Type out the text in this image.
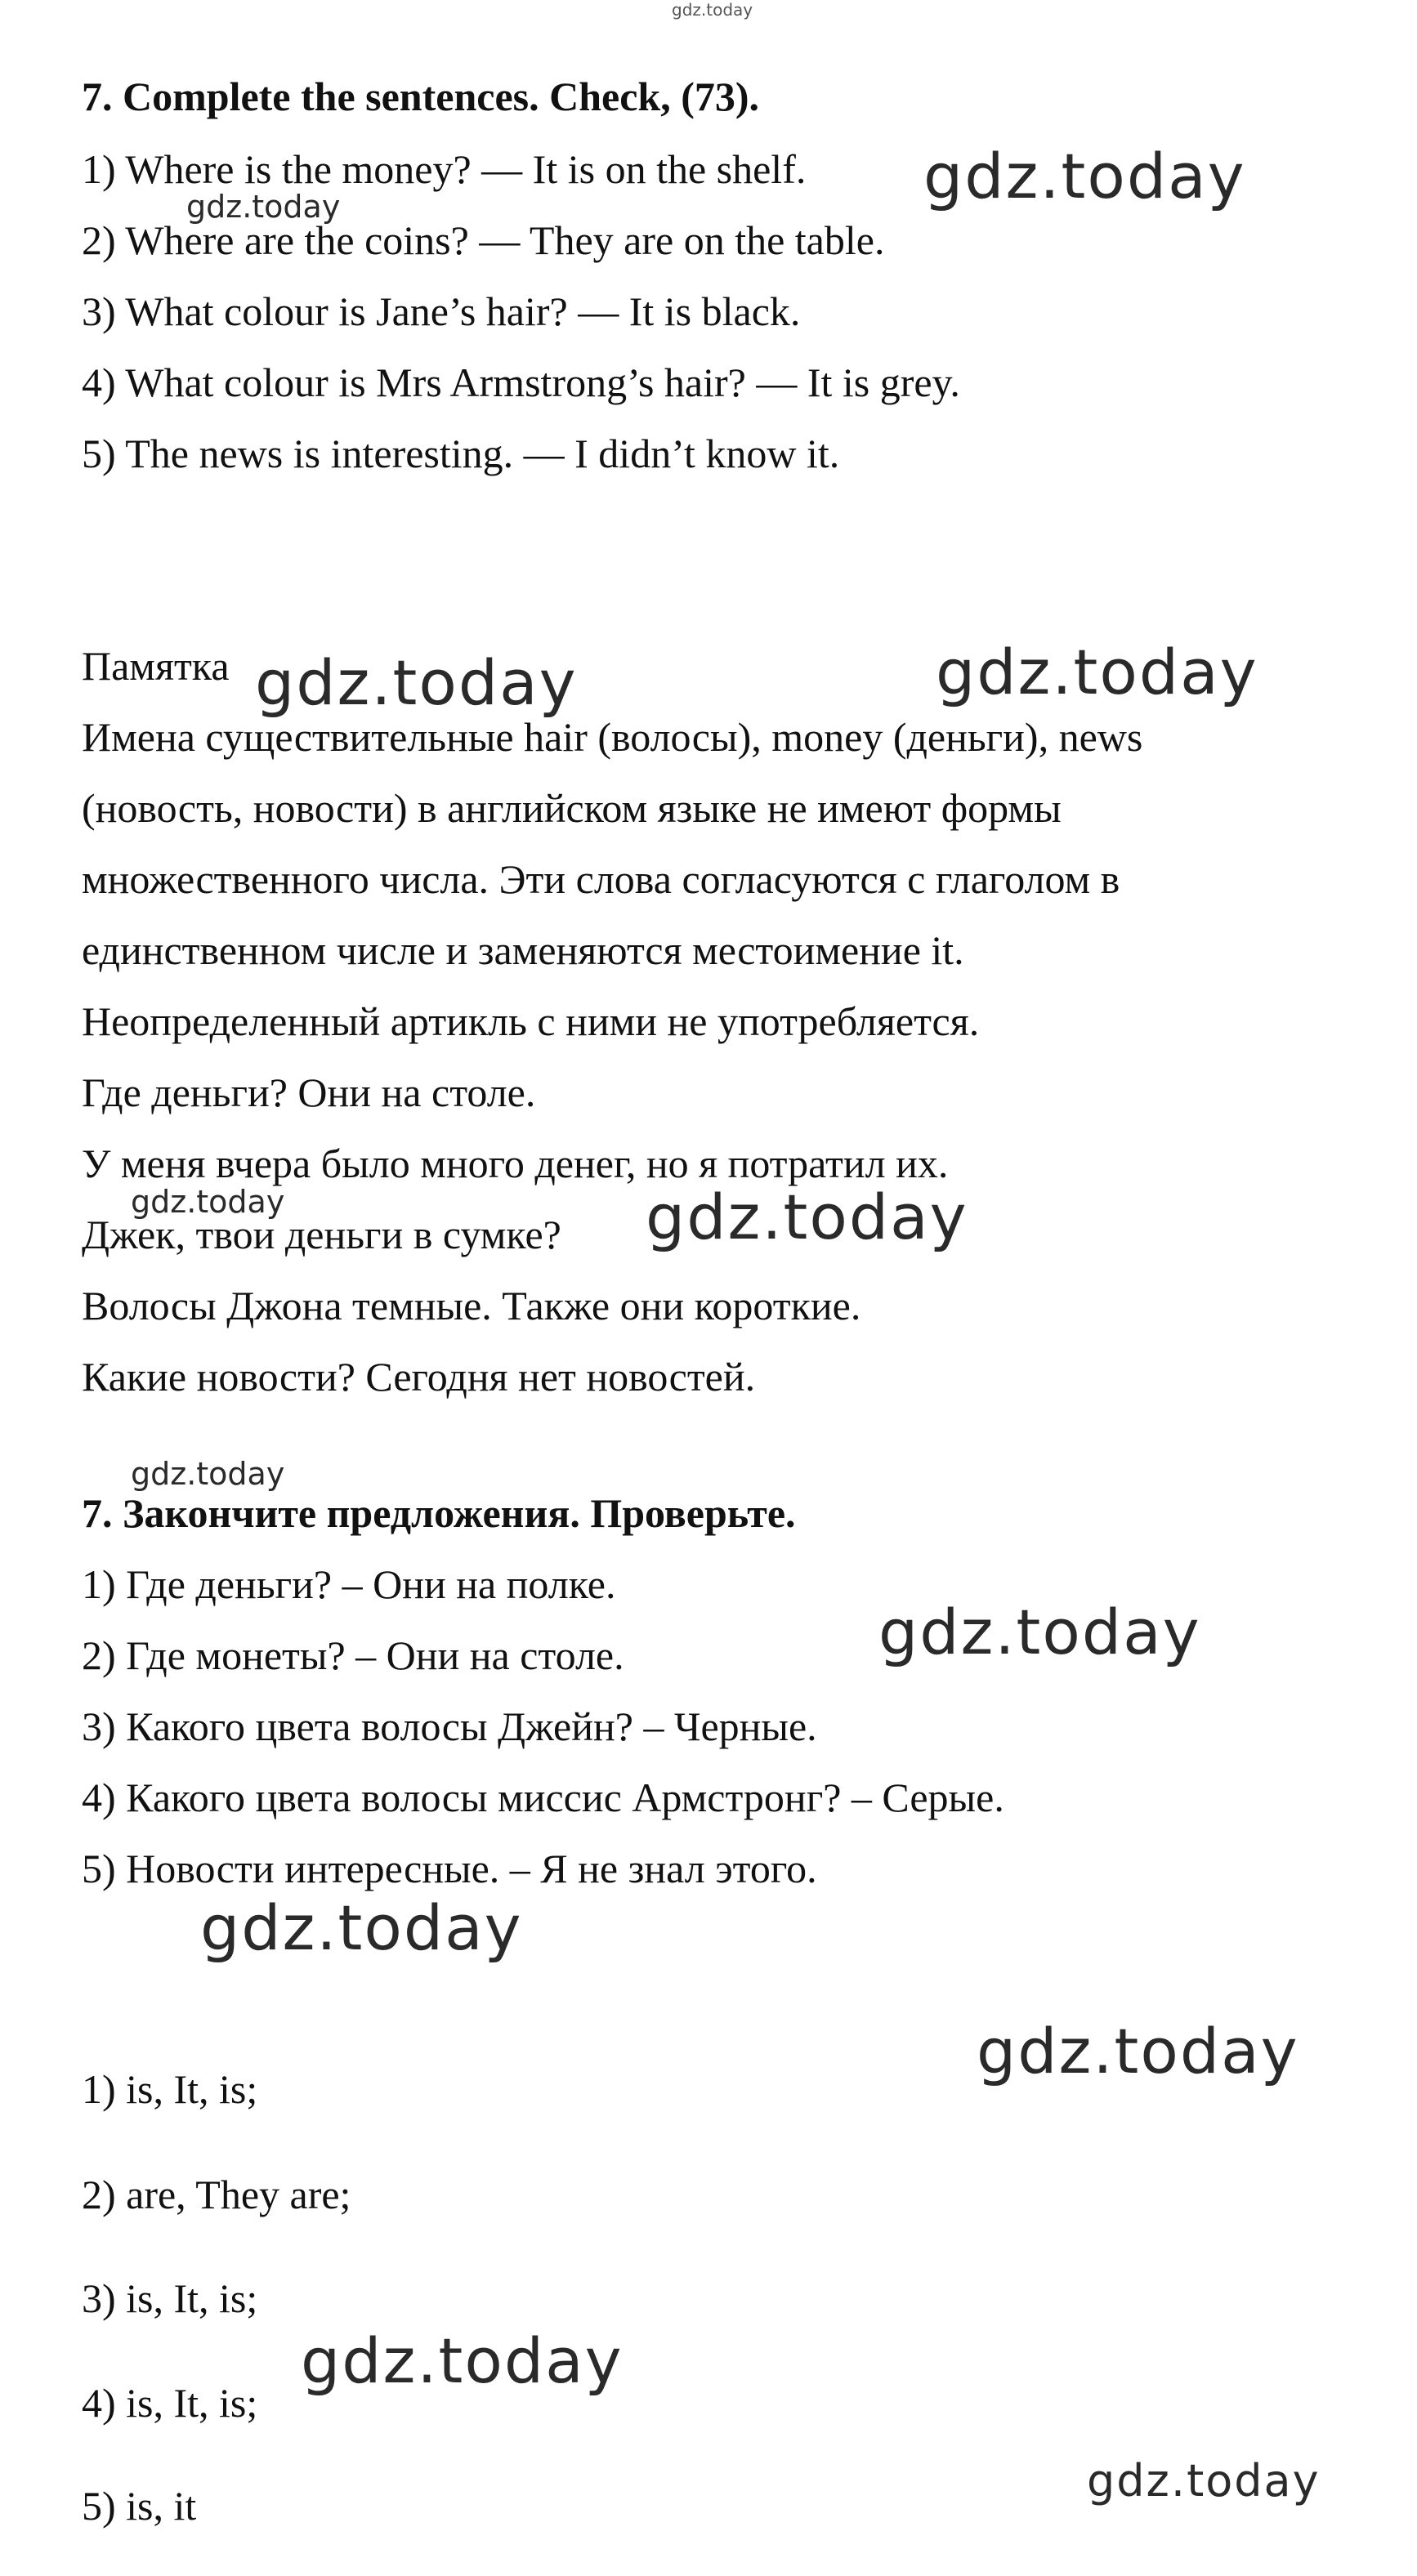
gdz.today
7. Complete the sentences. Check, (73).

1) Where is the money? — It is on the shelf.

2) Where are the coins? — They are on the table.

3) What colour is Jane’s hair? — It is black.

4) What colour is Mrs Armstrong’s hair? — It is grey.

5) The news is interesting. — I didn’t know it.

Памятка

Имена существительные hair (волосы), money (деньги), news

(новость, новости) в английском языке не имеют формы

множественного числа. Эти слова согласуются с глаголом в

единственном числе и заменяются местоимение it.

Неопределенный артикль с ними не употребляется.

Где деньги? Они на столе.

У меня вчера было много денег, но я потратил их.

Джек, твои деньги в сумке?

Волосы Джона темные. Также они короткие.

Какие новости? Сегодня нет новостей.

7. Закончите предложения. Проверьте.

1) Где деньги? – Они на полке.

2) Где монеты? – Они на столе.

3) Какого цвета волосы Джейн? – Черные.

4) Какого цвета волосы миссис Армстронг? – Серые.

5) Новости интересные. – Я не знал этого.

1) is, It, is;

2) are, They are;

3) is, It, is;

4) is, It, is;

5) is, it

gdz.today
gdz.today
gdz.today	gdz.today
gdz.today	gdz.today
gdz.today
gdz.today
gdz.today
gdz.today
gdz.today
gdz.today
